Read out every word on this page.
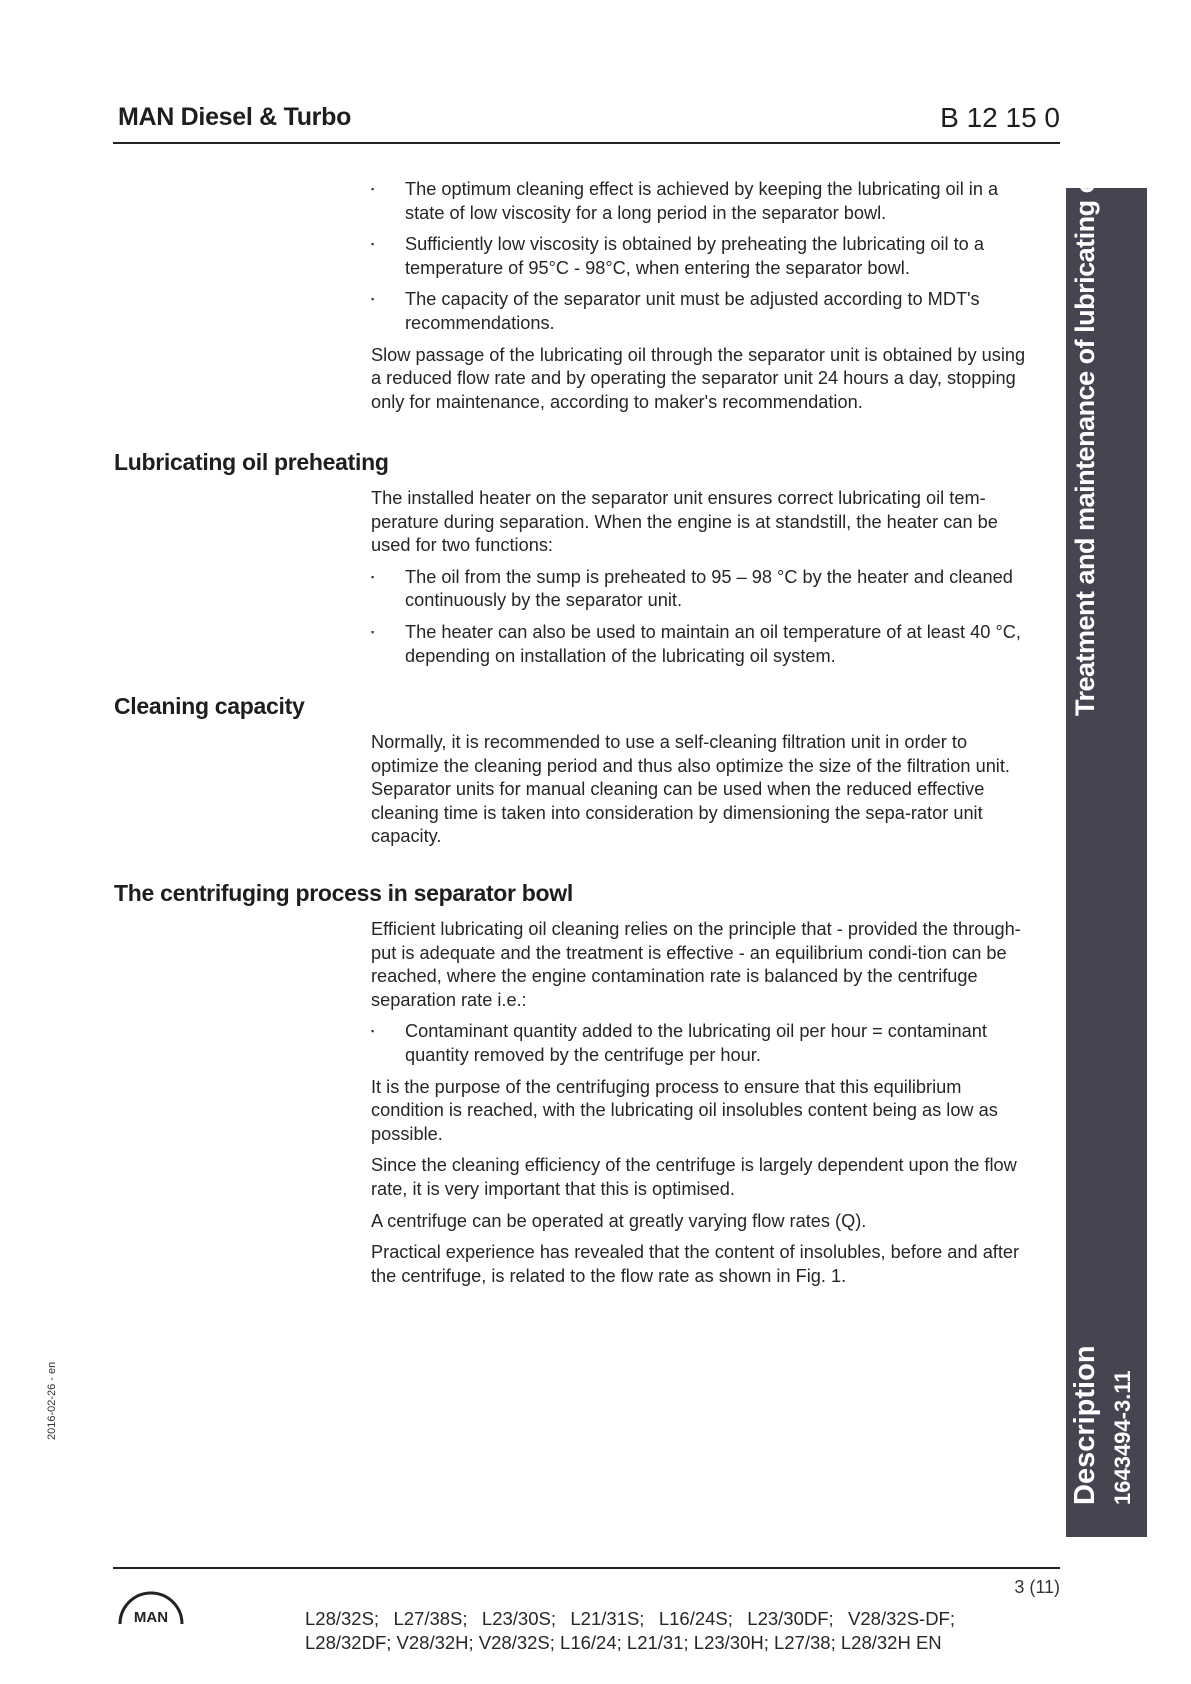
MAN Diesel & Turbo	B 12 15 0
Treatment and maintenance of lubricating oil
Description 1643494-3.11
2016-02-26 - en
▪ The optimum cleaning effect is achieved by keeping the lubricating oil in a state of low viscosity for a long period in the separator bowl.
▪ Sufficiently low viscosity is obtained by preheating the lubricating oil to a temperature of 95°C - 98°C, when entering the separator bowl.
▪ The capacity of the separator unit must be adjusted according to MDT's recommendations.
Slow passage of the lubricating oil through the separator unit is obtained by using a reduced flow rate and by operating the separator unit 24 hours a day, stopping only for maintenance, according to maker's recommendation.
Lubricating oil preheating
The installed heater on the separator unit ensures correct lubricating oil tem-perature during separation. When the engine is at standstill, the heater can be used for two functions:
▪ The oil from the sump is preheated to 95 – 98 °C by the heater and cleaned continuously by the separator unit.
▪ The heater can also be used to maintain an oil temperature of at least 40 °C, depending on installation of the lubricating oil system.
Cleaning capacity
Normally, it is recommended to use a self-cleaning filtration unit in order to optimize the cleaning period and thus also optimize the size of the filtration unit. Separator units for manual cleaning can be used when the reduced effective cleaning time is taken into consideration by dimensioning the sepa-rator unit capacity.
The centrifuging process in separator bowl
Efficient lubricating oil cleaning relies on the principle that - provided the through-put is adequate and the treatment is effective - an equilibrium condi-tion can be reached, where the engine contamination rate is balanced by the centrifuge separation rate i.e.:
▪ Contaminant quantity added to the lubricating oil per hour = contaminant quantity removed by the centrifuge per hour.
It is the purpose of the centrifuging process to ensure that this equilibrium condition is reached, with the lubricating oil insolubles content being as low as possible.
Since the cleaning efficiency of the centrifuge is largely dependent upon the flow rate, it is very important that this is optimised.
A centrifuge can be operated at greatly varying flow rates (Q).
Practical experience has revealed that the content of insolubles, before and after the centrifuge, is related to the flow rate as shown in Fig. 1.
3 (11)
MAN	L28/32S; L27/38S; L23/30S; L21/31S; L16/24S; L23/30DF; V28/32S-DF; L28/32DF; V28/32H; V28/32S; L16/24; L21/31; L23/30H; L27/38; L28/32H EN
